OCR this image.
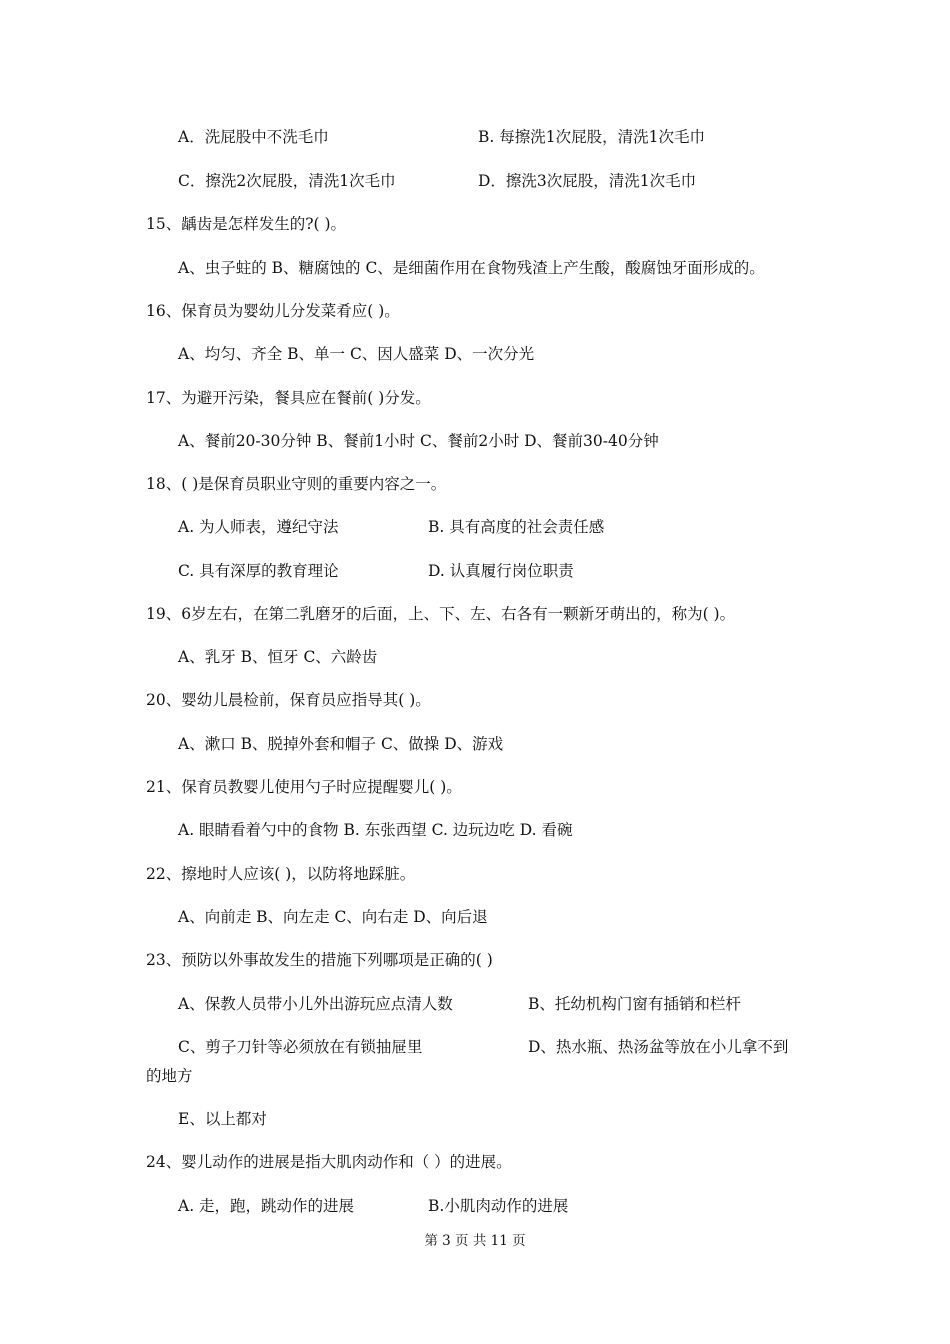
A．洗屁股中不洗毛巾	B. 每擦洗1次屁股，清洗1次毛巾
C．擦洗2次屁股，清洗1次毛巾	D．擦洗3次屁股，清洗1次毛巾
15、龋齿是怎样发生的?( )。
A、虫子蛀的 B、糖腐蚀的 C、是细菌作用在食物残渣上产生酸，酸腐蚀牙面形成的。
16、保育员为婴幼儿分发菜肴应( )。
A、均匀、齐全 B、单一 C、因人盛菜 D、一次分光
17、为避开污染，餐具应在餐前( )分发。
A、餐前20-30分钟 B、餐前1小时 C、餐前2小时 D、餐前30-40分钟
18、( )是保育员职业守则的重要内容之一。
A. 为人师表，遵纪守法	B. 具有高度的社会责任感
C. 具有深厚的教育理论	D. 认真履行岗位职责
19、6岁左右，在第二乳磨牙的后面，上、下、左、右各有一颗新牙萌出的，称为( )。
A、乳牙 B、恒牙 C、六龄齿
20、婴幼儿晨检前，保育员应指导其( )。
A、漱口 B、脱掉外套和帽子 C、做操 D、游戏
21、保育员教婴儿使用勺子时应提醒婴儿( )。
A. 眼睛看着勺中的食物 B. 东张西望 C. 边玩边吃 D. 看碗
22、擦地时人应该( )，以防将地踩脏。
A、向前走 B、向左走 C、向右走 D、向后退
23、预防以外事故发生的措施下列哪项是正确的( )
A、保教人员带小儿外出游玩应点清人数	B、托幼机构门窗有插销和栏杆
C、剪子刀针等必须放在有锁抽屉里	D、热水瓶、热汤盆等放在小儿拿不到
的地方
E、以上都对
24、婴儿动作的进展是指大肌肉动作和（ ）的进展。
A. 走，跑，跳动作的进展	B.小肌肉动作的进展
第 3 页 共 11 页
